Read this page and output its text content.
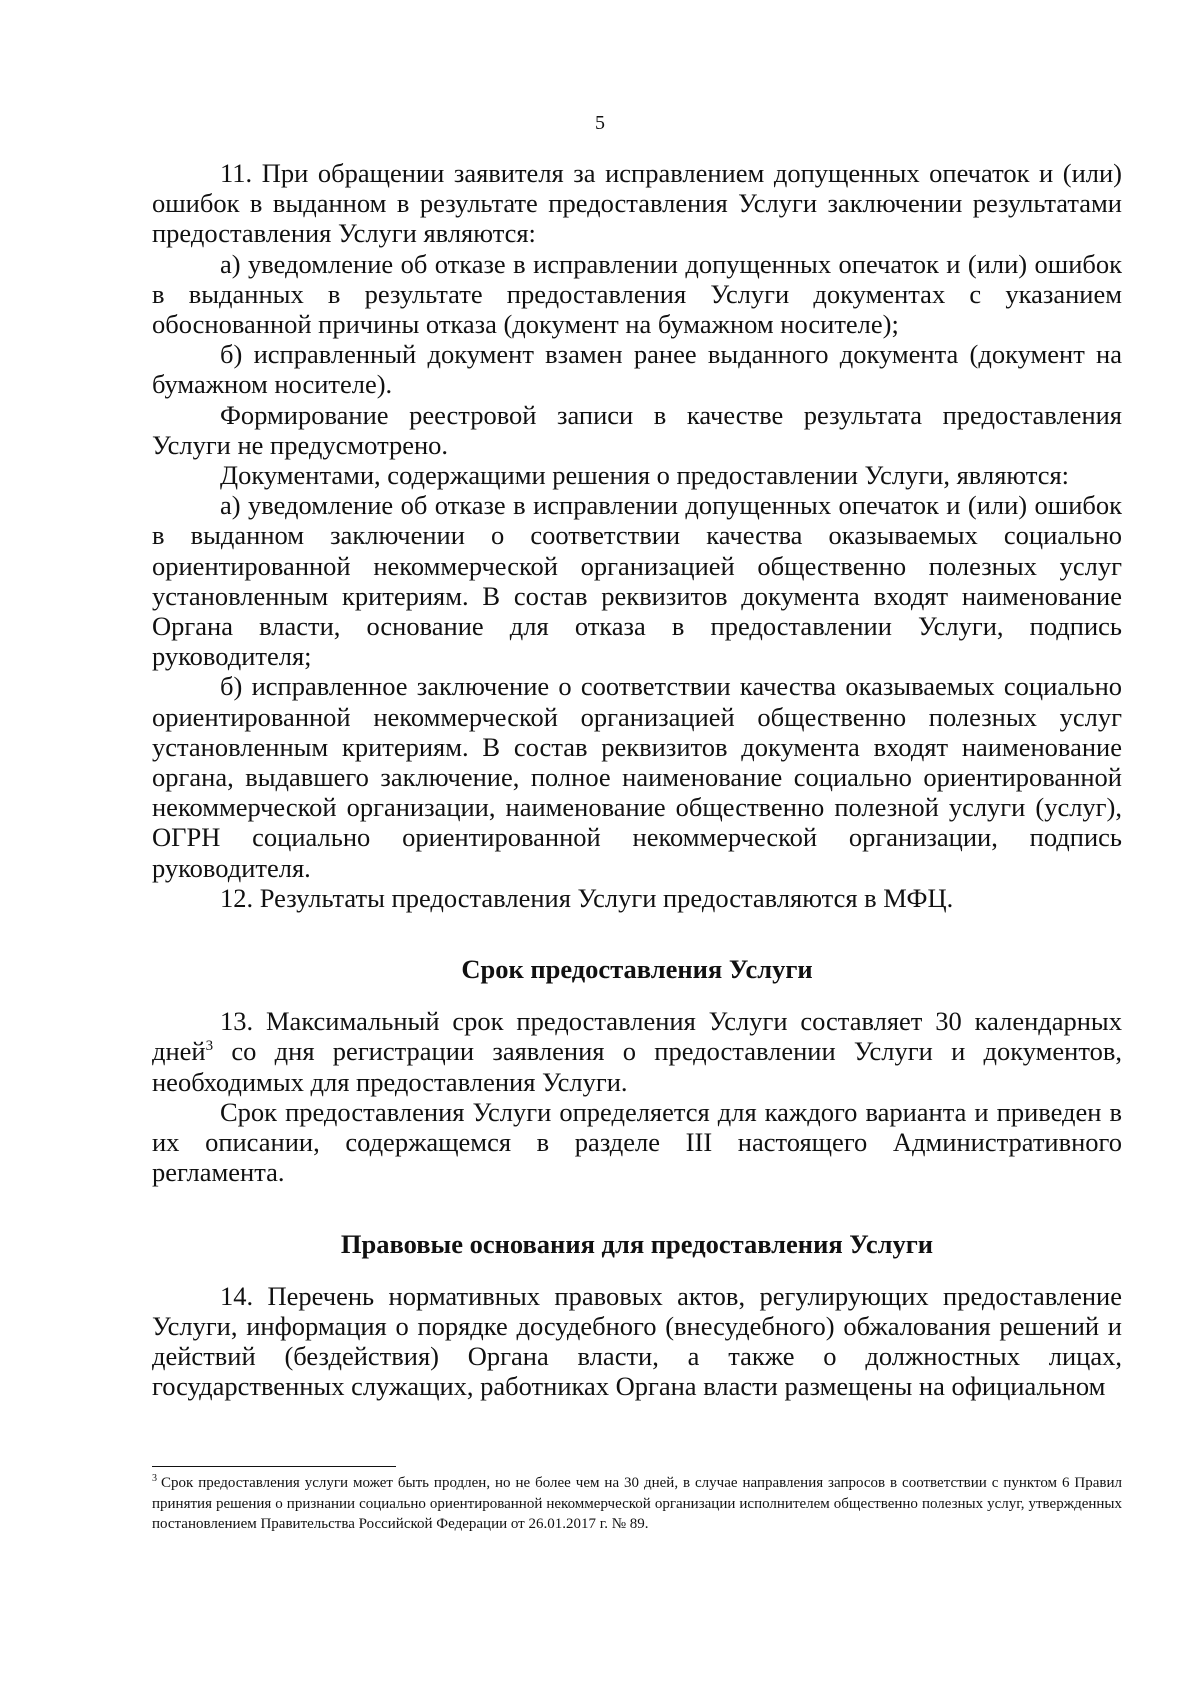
5

11. При обращении заявителя за исправлением допущенных опечаток и (или) ошибок в выданном в результате предоставления Услуги заключении результатами предоставления Услуги являются:

а) уведомление об отказе в исправлении допущенных опечаток и (или) ошибок в выданных в результате предоставления Услуги документах с указанием обоснованной причины отказа (документ на бумажном носителе);

б) исправленный документ взамен ранее выданного документа (документ на бумажном носителе).

Формирование реестровой записи в качестве результата предоставления Услуги не предусмотрено.

Документами, содержащими решения о предоставлении Услуги, являются:

а) уведомление об отказе в исправлении допущенных опечаток и (или) ошибок в выданном заключении о соответствии качества оказываемых социально ориентированной некоммерческой организацией общественно полезных услуг установленным критериям. В состав реквизитов документа входят наименование Органа власти, основание для отказа в предоставлении Услуги, подпись руководителя;

б) исправленное заключение о соответствии качества оказываемых социально ориентированной некоммерческой организацией общественно полезных услуг установленным критериям. В состав реквизитов документа входят наименование органа, выдавшего заключение, полное наименование социально ориентированной некоммерческой организации, наименование общественно полезной услуги (услуг), ОГРН социально ориентированной некоммерческой организации, подпись руководителя.

12. Результаты предоставления Услуги предоставляются в МФЦ.

Срок предоставления Услуги

13. Максимальный срок предоставления Услуги составляет 30 календарных дней$^3$ со дня регистрации заявления о предоставлении Услуги и документов, необходимых для предоставления Услуги.

Срок предоставления Услуги определяется для каждого варианта и приведен в их описании, содержащемся в разделе III настоящего Административного регламента.

Правовые основания для предоставления Услуги

14. Перечень нормативных правовых актов, регулирующих предоставление Услуги, информация о порядке досудебного (внесудебного) обжалования решений и действий (бездействия) Органа власти, а также о должностных лицах, государственных служащих, работниках Органа власти размещены на официальном

$^3$ Срок предоставления услуги может быть продлен, но не более чем на 30 дней, в случае направления запросов в соответствии с пунктом 6 Правил принятия решения о признании социально ориентированной некоммерческой организации исполнителем общественно полезных услуг, утвержденных постановлением Правительства Российской Федерации от 26.01.2017 г. № 89.
